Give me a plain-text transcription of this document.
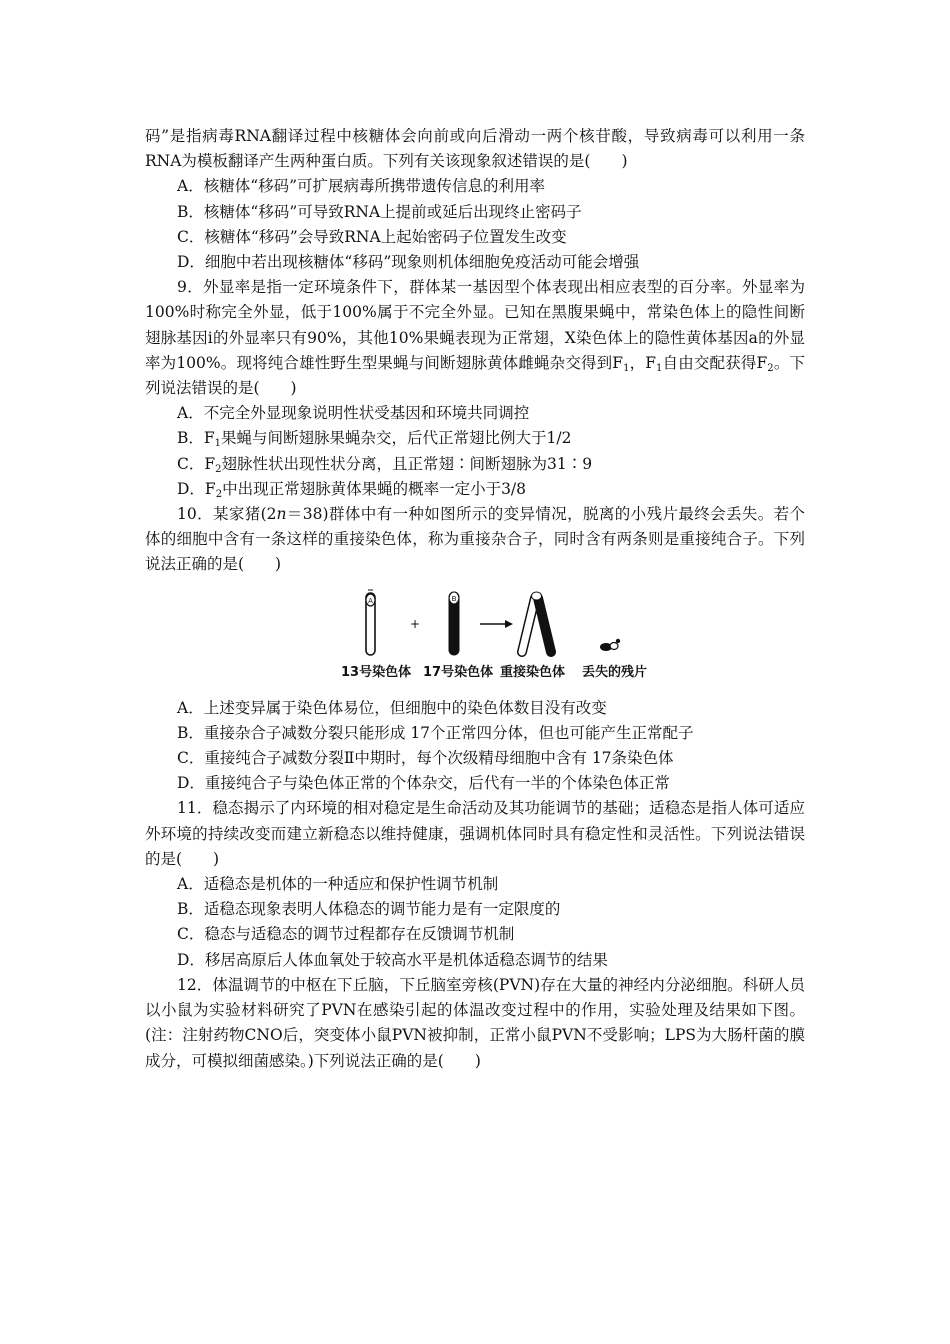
码”是指病毒RNA翻译过程中核糖体会向前或向后滑动一两个核苷酸，导致病毒可以利用一条RNA为模板翻译产生两种蛋白质。下列有关该现象叙述错误的是(　　)

A．核糖体“移码”可扩展病毒所携带遗传信息的利用率

B．核糖体“移码”可导致RNA上提前或延后出现终止密码子

C．核糖体“移码”会导致RNA上起始密码子位置发生改变

D．细胞中若出现核糖体“移码”现象则机体细胞免疫活动可能会增强

9．外显率是指一定环境条件下，群体某一基因型个体表现出相应表型的百分率。外显率为100%时称完全外显，低于100%属于不完全外显。已知在黑腹果蝇中，常染色体上的隐性间断翅脉基因i的外显率只有90%，其他10%果蝇表现为正常翅，X染色体上的隐性黄体基因a的外显率为100%。现将纯合雄性野生型果蝇与间断翅脉黄体雌蝇杂交得到$F_1$，$F_1$自由交配获得$F_2$。下列说法错误的是(　　)

A．不完全外显现象说明性状受基因和环境共同调控

B．$F_1$果蝇与间断翅脉果蝇杂交，后代正常翅比例大于1/2

C．$F_2$翅脉性状出现性状分离，且正常翅∶间断翅脉为31∶9

D．$F_2$中出现正常翅脉黄体果蝇的概率一定小于3/8

10．某家猪(2n＝38)群体中有一种如图所示的变异情况，脱离的小残片最终会丢失。若个体的细胞中含有一条这样的重接染色体，称为重接杂合子，同时含有两条则是重接纯合子。下列说法正确的是(　　)

A
+
B
13号染色体 17号染色体 重接染色体 丢失的残片

A．上述变异属于染色体易位，但细胞中的染色体数目没有改变

B．重接杂合子减数分裂只能形成 17个正常四分体，但也可能产生正常配子

C．重接纯合子减数分裂Ⅱ中期时，每个次级精母细胞中含有 17条染色体

D．重接纯合子与染色体正常的个体杂交，后代有一半的个体染色体正常

11．稳态揭示了内环境的相对稳定是生命活动及其功能调节的基础；适稳态是指人体可适应外环境的持续改变而建立新稳态以维持健康，强调机体同时具有稳定性和灵活性。下列说法错误的是(　　)

A．适稳态是机体的一种适应和保护性调节机制

B．适稳态现象表明人体稳态的调节能力是有一定限度的

C．稳态与适稳态的调节过程都存在反馈调节机制

D．移居高原后人体血氧处于较高水平是机体适稳态调节的结果

12．体温调节的中枢在下丘脑，下丘脑室旁核(PVN)存在大量的神经内分泌细胞。科研人员以小鼠为实验材料研究了PVN在感染引起的体温改变过程中的作用，实验处理及结果如下图。(注：注射药物CNO后，突变体小鼠PVN被抑制，正常小鼠PVN不受影响；LPS为大肠杆菌的膜成分，可模拟细菌感染。)下列说法正确的是(　　)
